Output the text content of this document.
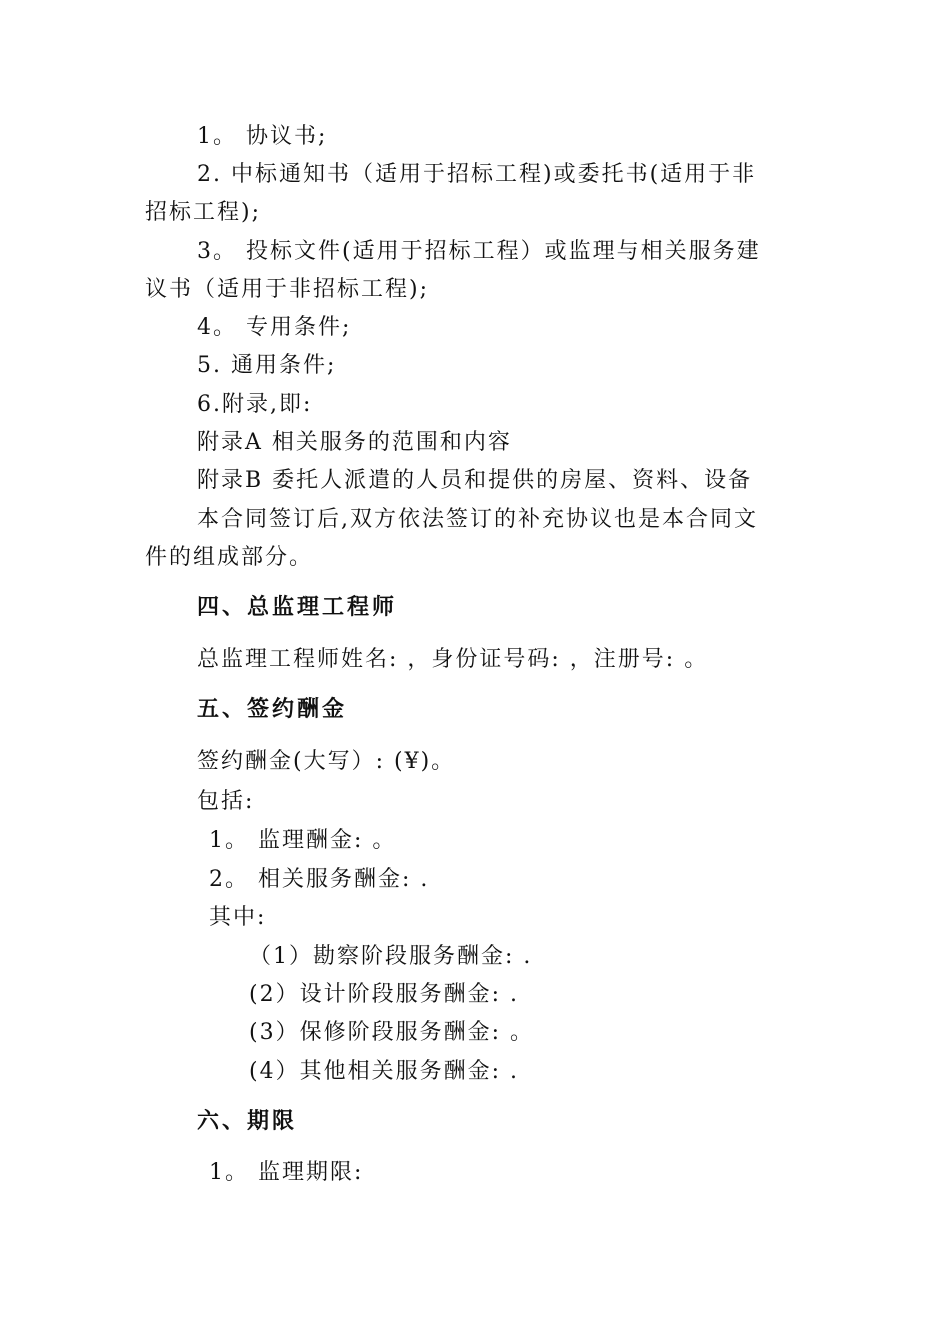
1。 协议书;
2. 中标通知书（适用于招标工程)或委托书(适用于非
招标工程);
3。 投标文件(适用于招标工程）或监理与相关服务建
议书（适用于非招标工程);
4。 专用条件;
5. 通用条件;
6.附录,即:
附录A 相关服务的范围和内容
附录B 委托人派遣的人员和提供的房屋、资料、设备
本合同签订后,双方依法签订的补充协议也是本合同文
件的组成部分。
四、总监理工程师
总监理工程师姓名: ，身份证号码: ，注册号: 。
五、签约酬金
签约酬金(大写）: (¥)。
包括:
1。 监理酬金: 。
2。 相关服务酬金: .
其中:
（1）勘察阶段服务酬金: .
(2）设计阶段服务酬金: .
(3）保修阶段服务酬金: 。
(4）其他相关服务酬金: .
六、期限
1。 监理期限:
